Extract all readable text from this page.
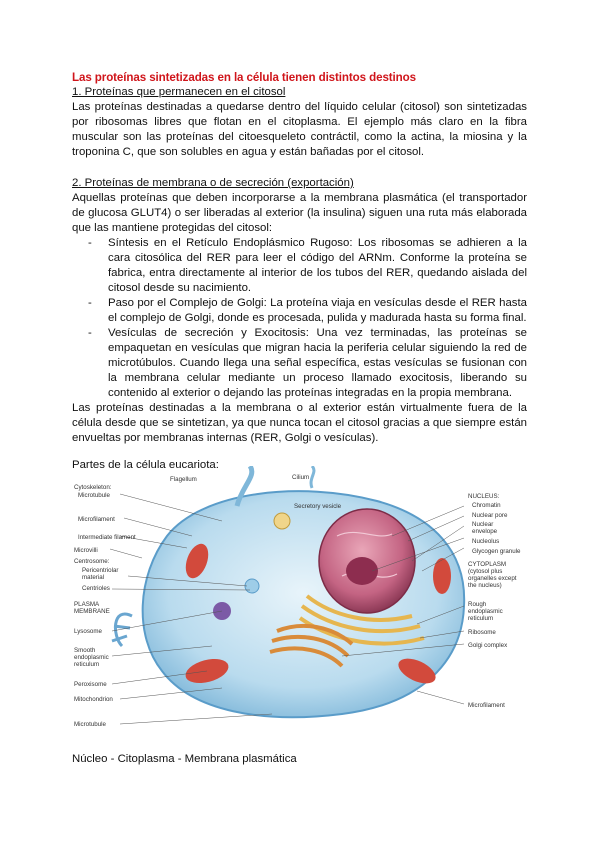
Las proteínas sintetizadas en la célula tienen distintos destinos
1. Proteínas que permanecen en el citosol

Las proteínas destinadas a quedarse dentro del líquido celular (citosol) son sintetizadas por ribosomas libres que flotan en el citoplasma. El ejemplo más claro en la fibra muscular son las proteínas del citoesqueleto contráctil, como la actina, la miosina y la troponina C, que son solubles en agua y están bañadas por el citosol.

2. Proteínas de membrana o de secreción (exportación)

Aquellas proteínas que deben incorporarse a la membrana plasmática (el transportador de glucosa GLUT4) o ser liberadas al exterior (la insulina) siguen una ruta más elaborada que las mantiene protegidas del citosol:

- Síntesis en el Retículo Endoplásmico Rugoso: Los ribosomas se adhieren a la cara citosólica del RER para leer el código del ARNm. Conforme la proteína se fabrica, entra directamente al interior de los tubos del RER, quedando aislada del citosol desde su nacimiento.
- Paso por el Complejo de Golgi: La proteína viaja en vesículas desde el RER hasta el complejo de Golgi, donde es procesada, pulida y madurada hasta su forma final.
- Vesículas de secreción y Exocitosis: Una vez terminadas, las proteínas se empaquetan en vesículas que migran hacia la periferia celular siguiendo la red de microtúbulos. Cuando llega una señal específica, estas vesículas se fusionan con la membrana celular mediante un proceso llamado exocitosis, liberando su contenido al exterior o dejando las proteínas integradas en la propia membrana.

Las proteínas destinadas a la membrana o al exterior están virtualmente fuera de la célula desde que se sintetizan, ya que nunca tocan el citosol gracias a que siempre están envueltas por membranas internas (RER, Golgi o vesículas).

Partes de la célula eucariota:
Flagellum	Cilium
Secretory vesicle
Cytoskeleton:
Microtubule
Microfilament
Intermediate filament
Microvilli
Centrosome:
Pericentriolar
material
Centrioles
PLASMA
MEMBRANE
Lysosome
Smooth
endoplasmic
reticulum
Peroxisome
Mitochondrion
Microtubule
NUCLEUS:
Chromatin
Nuclear pore
Nuclear
envelope
Nucleolus
Glycogen granule
CYTOPLASM
(cytosol plus
organelles except
the nucleus)
Rough
endoplasmic
reticulum
Ribosome
Golgi complex
Microfilament
Núcleo - Citoplasma - Membrana plasmática
